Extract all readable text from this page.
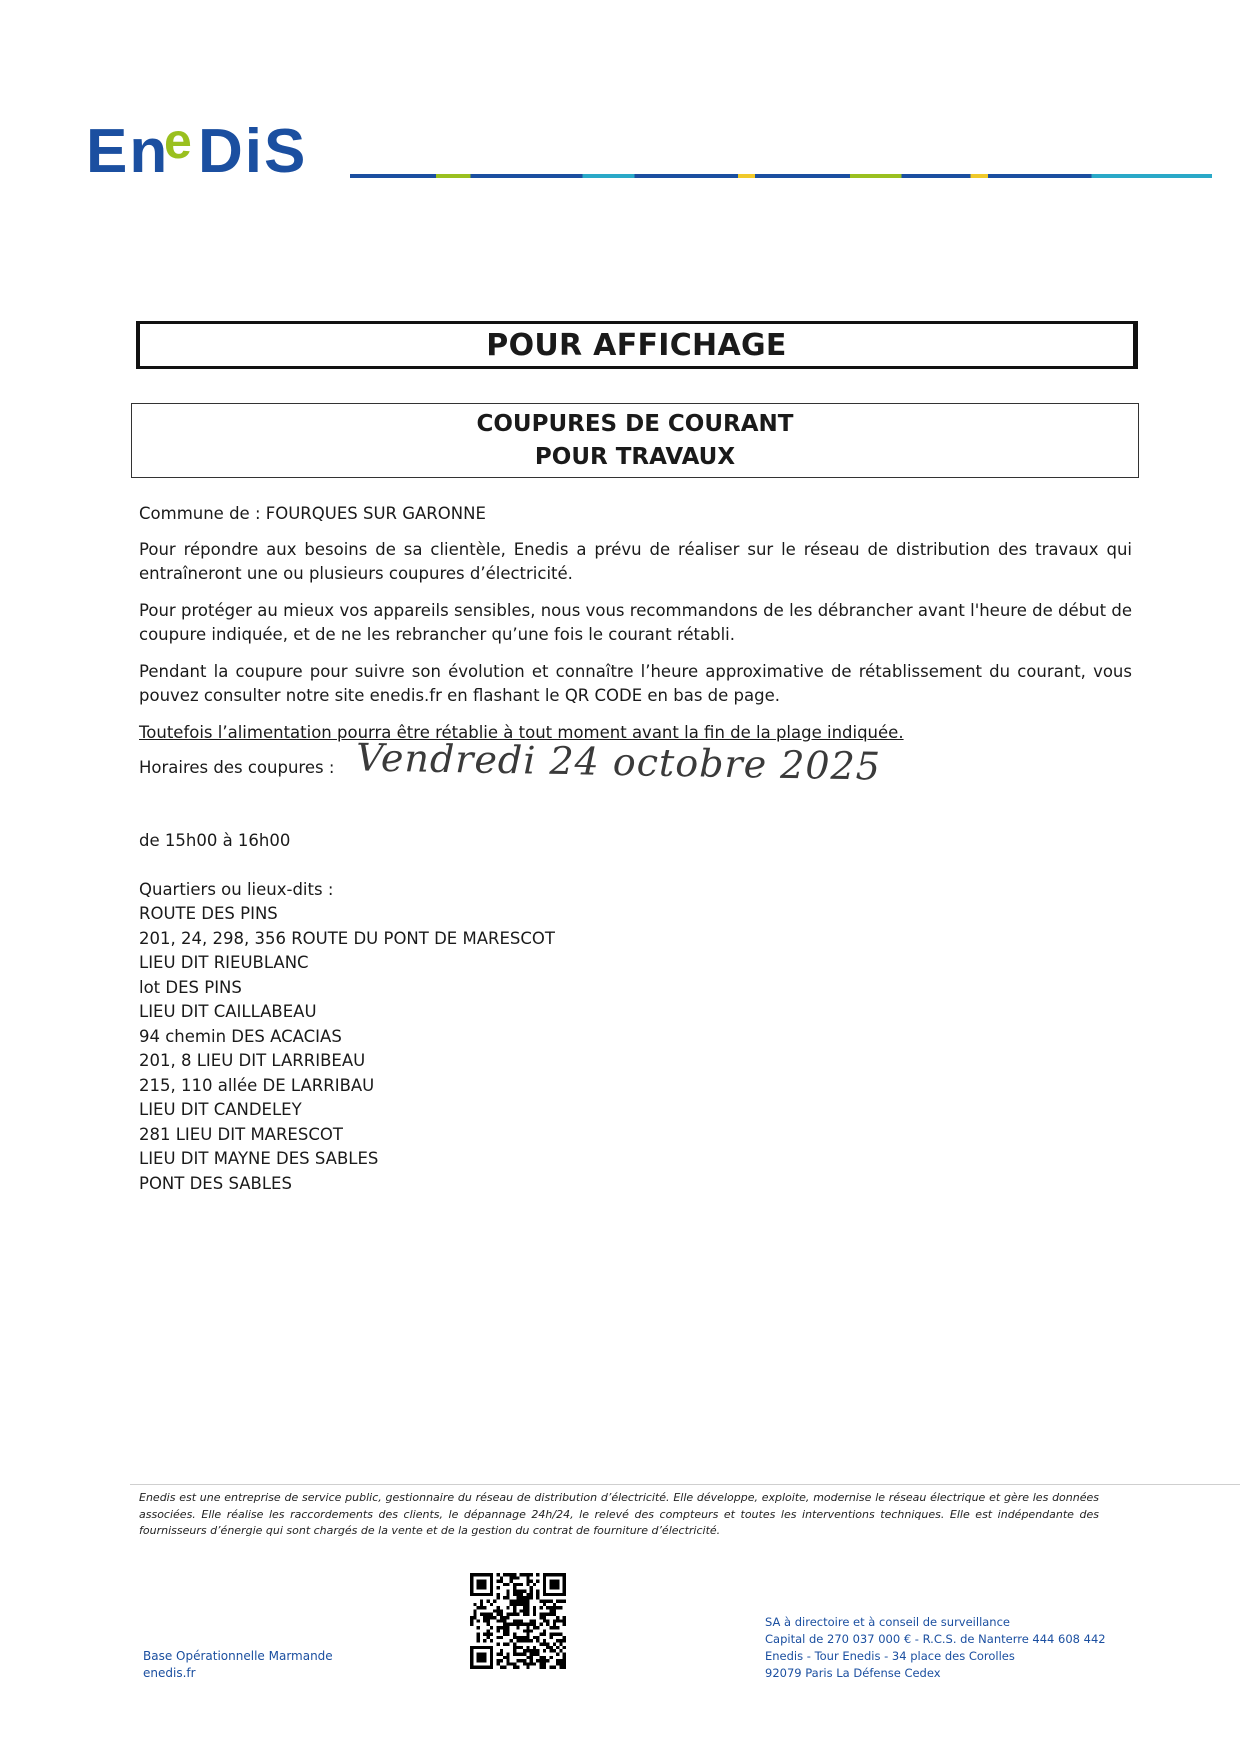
En
e DiS
POUR AFFICHAGE
COUPURES DE COURANT
POUR TRAVAUX
Commune de : FOURQUES SUR GARONNE
Pour répondre aux besoins de sa clientèle, Enedis a prévu de réaliser sur le réseau de distribution des travaux qui entraîneront une ou plusieurs coupures d’électricité.
Pour protéger au mieux vos appareils sensibles, nous vous recommandons de les débrancher avant l'heure de début de coupure indiquée, et de ne les rebrancher qu’une fois le courant rétabli.
Pendant la coupure pour suivre son évolution et connaître l’heure approximative de rétablissement du courant, vous pouvez consulter notre site enedis.fr en flashant le QR CODE en bas de page.
Toutefois l’alimentation pourra être rétablie à tout moment avant la fin de la plage indiquée.
Horaires des coupures : Vendredi 24 octobre 2025
de 15h00 à 16h00
Quartiers ou lieux-dits :
ROUTE DES PINS
201, 24, 298, 356 ROUTE DU PONT DE MARESCOT
LIEU DIT RIEUBLANC
lot DES PINS
LIEU DIT CAILLABEAU
94 chemin DES ACACIAS
201, 8 LIEU DIT LARRIBEAU
215, 110 allée DE LARRIBAU
LIEU DIT CANDELEY
281 LIEU DIT MARESCOT
LIEU DIT MAYNE DES SABLES
PONT DES SABLES
Enedis est une entreprise de service public, gestionnaire du réseau de distribution d’électricité. Elle développe, exploite, modernise le réseau électrique et gère les données associées. Elle réalise les raccordements des clients, le dépannage 24h/24, le relevé des compteurs et toutes les interventions techniques. Elle est indépendante des fournisseurs d’énergie qui sont chargés de la vente et de la gestion du contrat de fourniture d’électricité.
Base Opérationnelle Marmande
enedis.fr
SA à directoire et à conseil de surveillance
Capital de 270 037 000 € - R.C.S. de Nanterre 444 608 442
Enedis - Tour Enedis - 34 place des Corolles
92079 Paris La Défense Cedex
